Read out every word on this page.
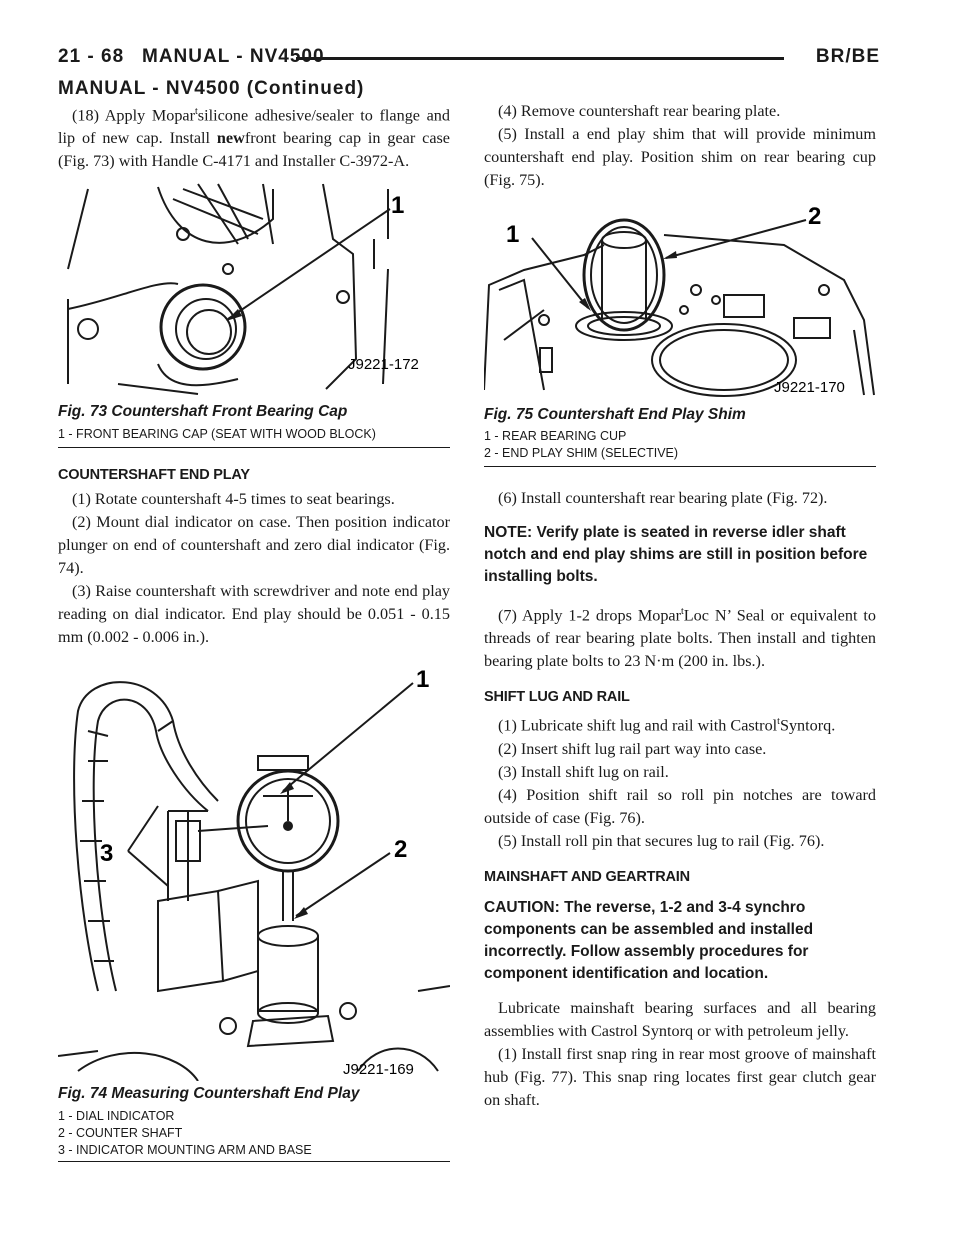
21 - 68 MANUAL - NV4500	BR/BE
MANUAL - NV4500 (Continued)

(18) Apply Mopar$^t$silicone adhesive/sealer to flange and lip of new cap. Install newfront bearing cap in gear case (Fig. 73) with Handle C-4171 and Installer C-3972-A.

1
J9221-172

Fig. 73 Countershaft Front Bearing Cap

1 - FRONT BEARING CAP (SEAT WITH WOOD BLOCK)

COUNTERSHAFT END PLAY

(1) Rotate countershaft 4-5 times to seat bearings.

(2) Mount dial indicator on case. Then position indicator plunger on end of countershaft and zero dial indicator (Fig. 74).

(3) Raise countershaft with screwdriver and note end play reading on dial indicator. End play should be 0.051 - 0.15 mm (0.002 - 0.006 in.).

1
2
3
J9221-169

Fig. 74 Measuring Countershaft End Play

1 - DIAL INDICATOR

2 - COUNTER SHAFT

3 - INDICATOR MOUNTING ARM AND BASE

(4) Remove countershaft rear bearing plate.

(5) Install a end play shim that will provide minimum countershaft end play. Position shim on rear bearing cup (Fig. 75).

1
2
J9221-170

Fig. 75 Countershaft End Play Shim

1 - REAR BEARING CUP

2 - END PLAY SHIM (SELECTIVE)

(6) Install countershaft rear bearing plate (Fig. 72).

NOTE: Verify plate is seated in reverse idler shaft notch and end play shims are still in position before installing bolts.

(7) Apply 1-2 drops Mopar$^t$Loc N’ Seal or equivalent to threads of rear bearing plate bolts. Then install and tighten bearing plate bolts to 23 N·m (200 in. lbs.).

SHIFT LUG AND RAIL

(1) Lubricate shift lug and rail with Castrol$^t$Syntorq.

(2) Insert shift lug rail part way into case.

(3) Install shift lug on rail.

(4) Position shift rail so roll pin notches are toward outside of case (Fig. 76).

(5) Install roll pin that secures lug to rail (Fig. 76).

MAINSHAFT AND GEARTRAIN

CAUTION: The reverse, 1-2 and 3-4 synchro components can be assembled and installed incorrectly. Follow assembly procedures for component identification and location.

Lubricate mainshaft bearing surfaces and all bearing assemblies with Castrol Syntorq or with petroleum jelly.

(1) Install first snap ring in rear most groove of mainshaft hub (Fig. 77). This snap ring locates first gear clutch gear on shaft.
